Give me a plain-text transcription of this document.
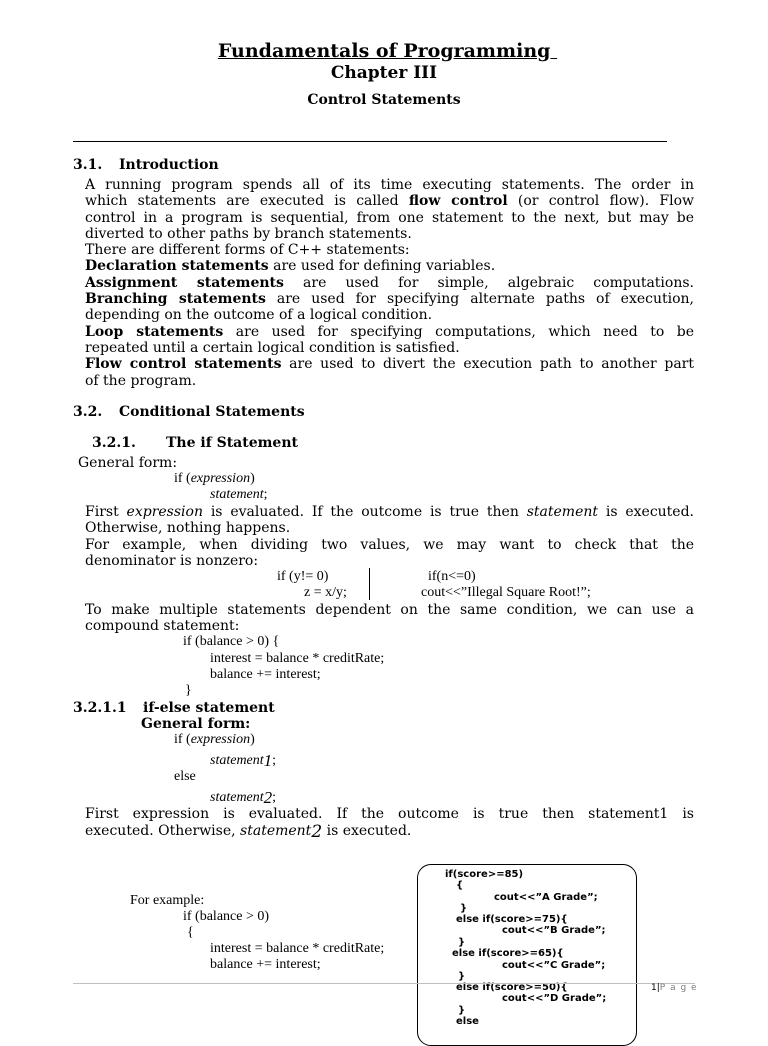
Fundamentals of Programming
Chapter III
Control Statements
3.1. Introduction
A running program spends all of its time executing statements. The order in
which statements are executed is called flow control (or control flow). Flow
control in a program is sequential, from one statement to the next, but may be
diverted to other paths by branch statements.
There are different forms of C++ statements:
Declaration statements are used for defining variables.
Assignment statements are used for simple, algebraic computations.
Branching statements are used for specifying alternate paths of execution,
depending on the outcome of a logical condition.
Loop statements are used for specifying computations, which need to be
repeated until a certain logical condition is satisfied.
Flow control statements are used to divert the execution path to another part
of the program.
3.2. Conditional Statements
3.2.1. The if Statement
General form:
if (expression)
statement;
First expression is evaluated. If the outcome is true then statement is executed.
Otherwise, nothing happens.
For example, when dividing two values, we may want to check that the
denominator is nonzero:
if (y!= 0)
z = x/y;
if(n<=0)
cout<<”Illegal Square Root!”;
To make multiple statements dependent on the same condition, we can use a
compound statement:
if (balance > 0) {
interest = balance * creditRate;
balance += interest;
}
3.2.1.1 if-else statement
General form:
if (expression)
statement1;
else
statement2;
First expression is evaluated. If the outcome is true then statement1 is
executed. Otherwise, statement2 is executed.
For example:
if (balance > 0)
{
interest = balance * creditRate;
balance += interest;
if(score>=85)
{
cout<<”A Grade”;
}
else if(score>=75){
cout<<”B Grade”;
}
else if(score>=65){
cout<<”C Grade”;
}
else if(score>=50){
cout<<”D Grade”;
}
else
1|P a g e
